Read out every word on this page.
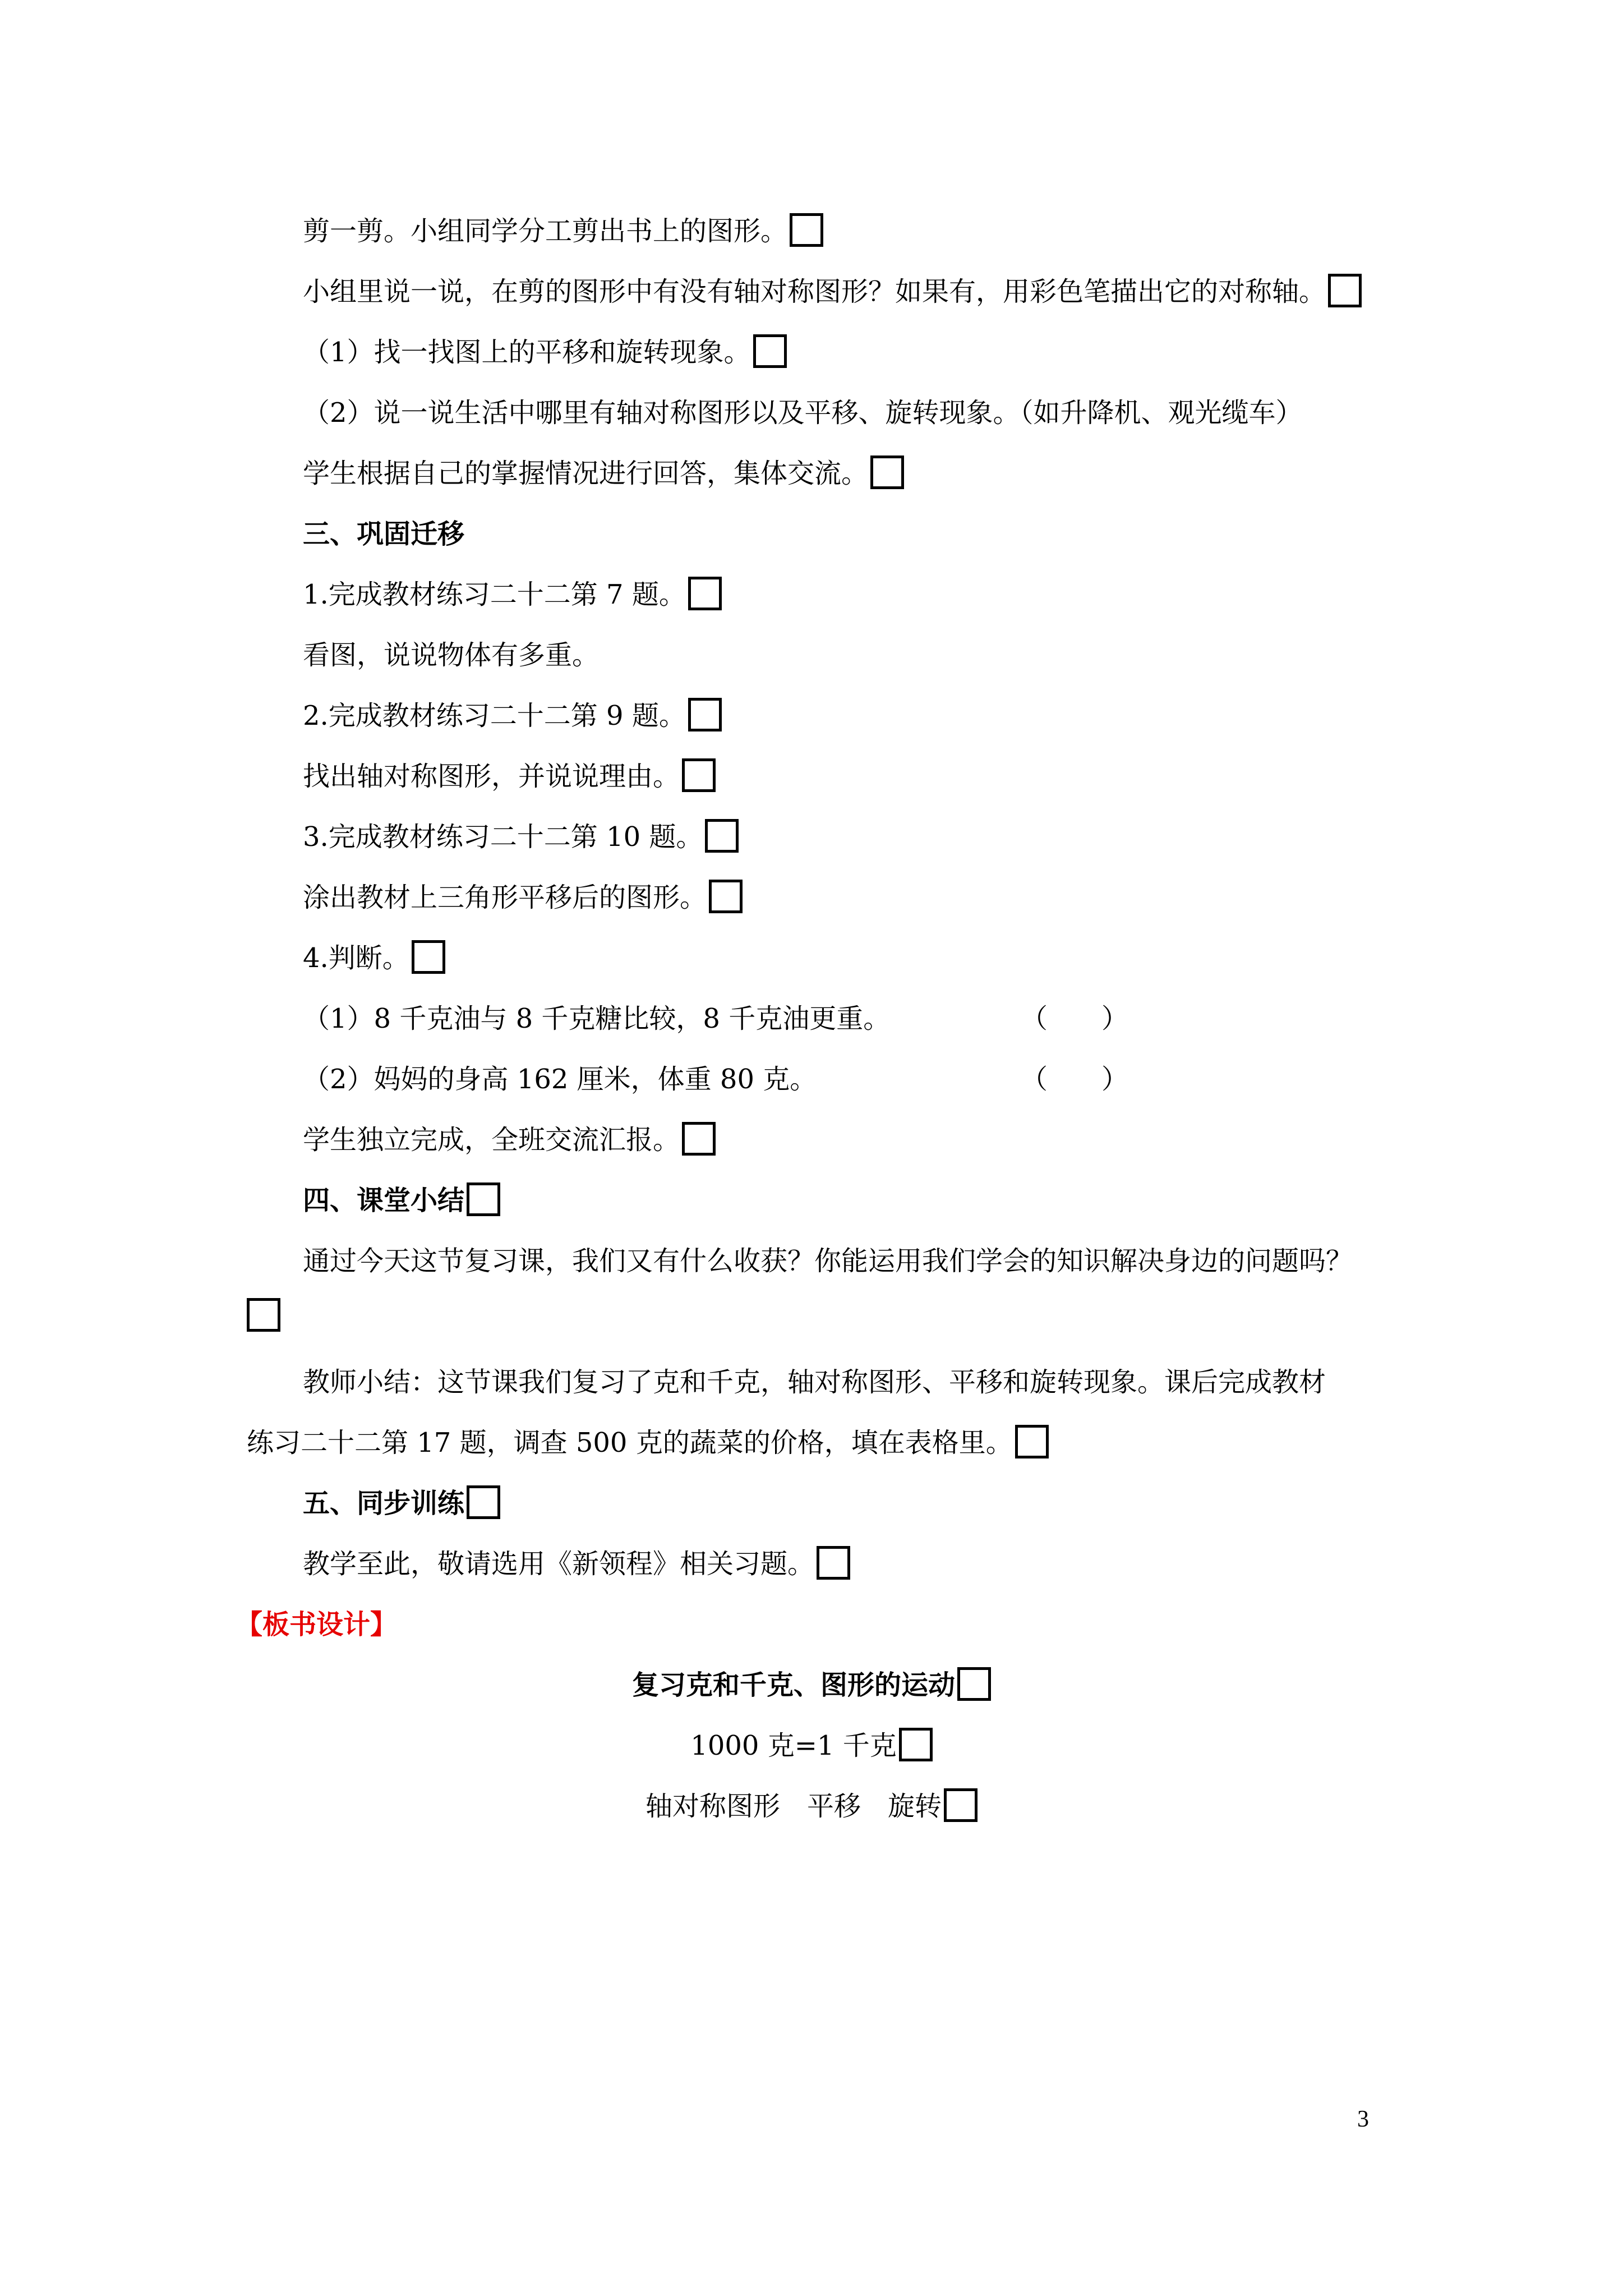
剪一剪。小组同学分工剪出书上的图形。
小组里说一说，在剪的图形中有没有轴对称图形？如果有，用彩色笔描出它的对称轴。
（1）找一找图上的平移和旋转现象。
（2）说一说生活中哪里有轴对称图形以及平移、旋转现象。（如升降机、观光缆车）
学生根据自己的掌握情况进行回答，集体交流。
三、巩固迁移
1.完成教材练习二十二第 7 题。
看图，说说物体有多重。
2.完成教材练习二十二第 9 题。
找出轴对称图形，并说说理由。
3.完成教材练习二十二第 10 题。
涂出教材上三角形平移后的图形。
4.判断。
（1）8 千克油与 8 千克糖比较，8 千克油更重。	（　　）
（2）妈妈的身高 162 厘米，体重 80 克。	（　　）
学生独立完成，全班交流汇报。
四、课堂小结
通过今天这节复习课，我们又有什么收获？你能运用我们学会的知识解决身边的问题吗？
教师小结：这节课我们复习了克和千克，轴对称图形、平移和旋转现象。课后完成教材
练习二十二第 17 题，调查 500 克的蔬菜的价格，填在表格里。
五、同步训练
教学至此，敬请选用《新领程》相关习题。
【板书设计】
复习克和千克、图形的运动
1000 克=1 千克
轴对称图形　平移　旋转
3
